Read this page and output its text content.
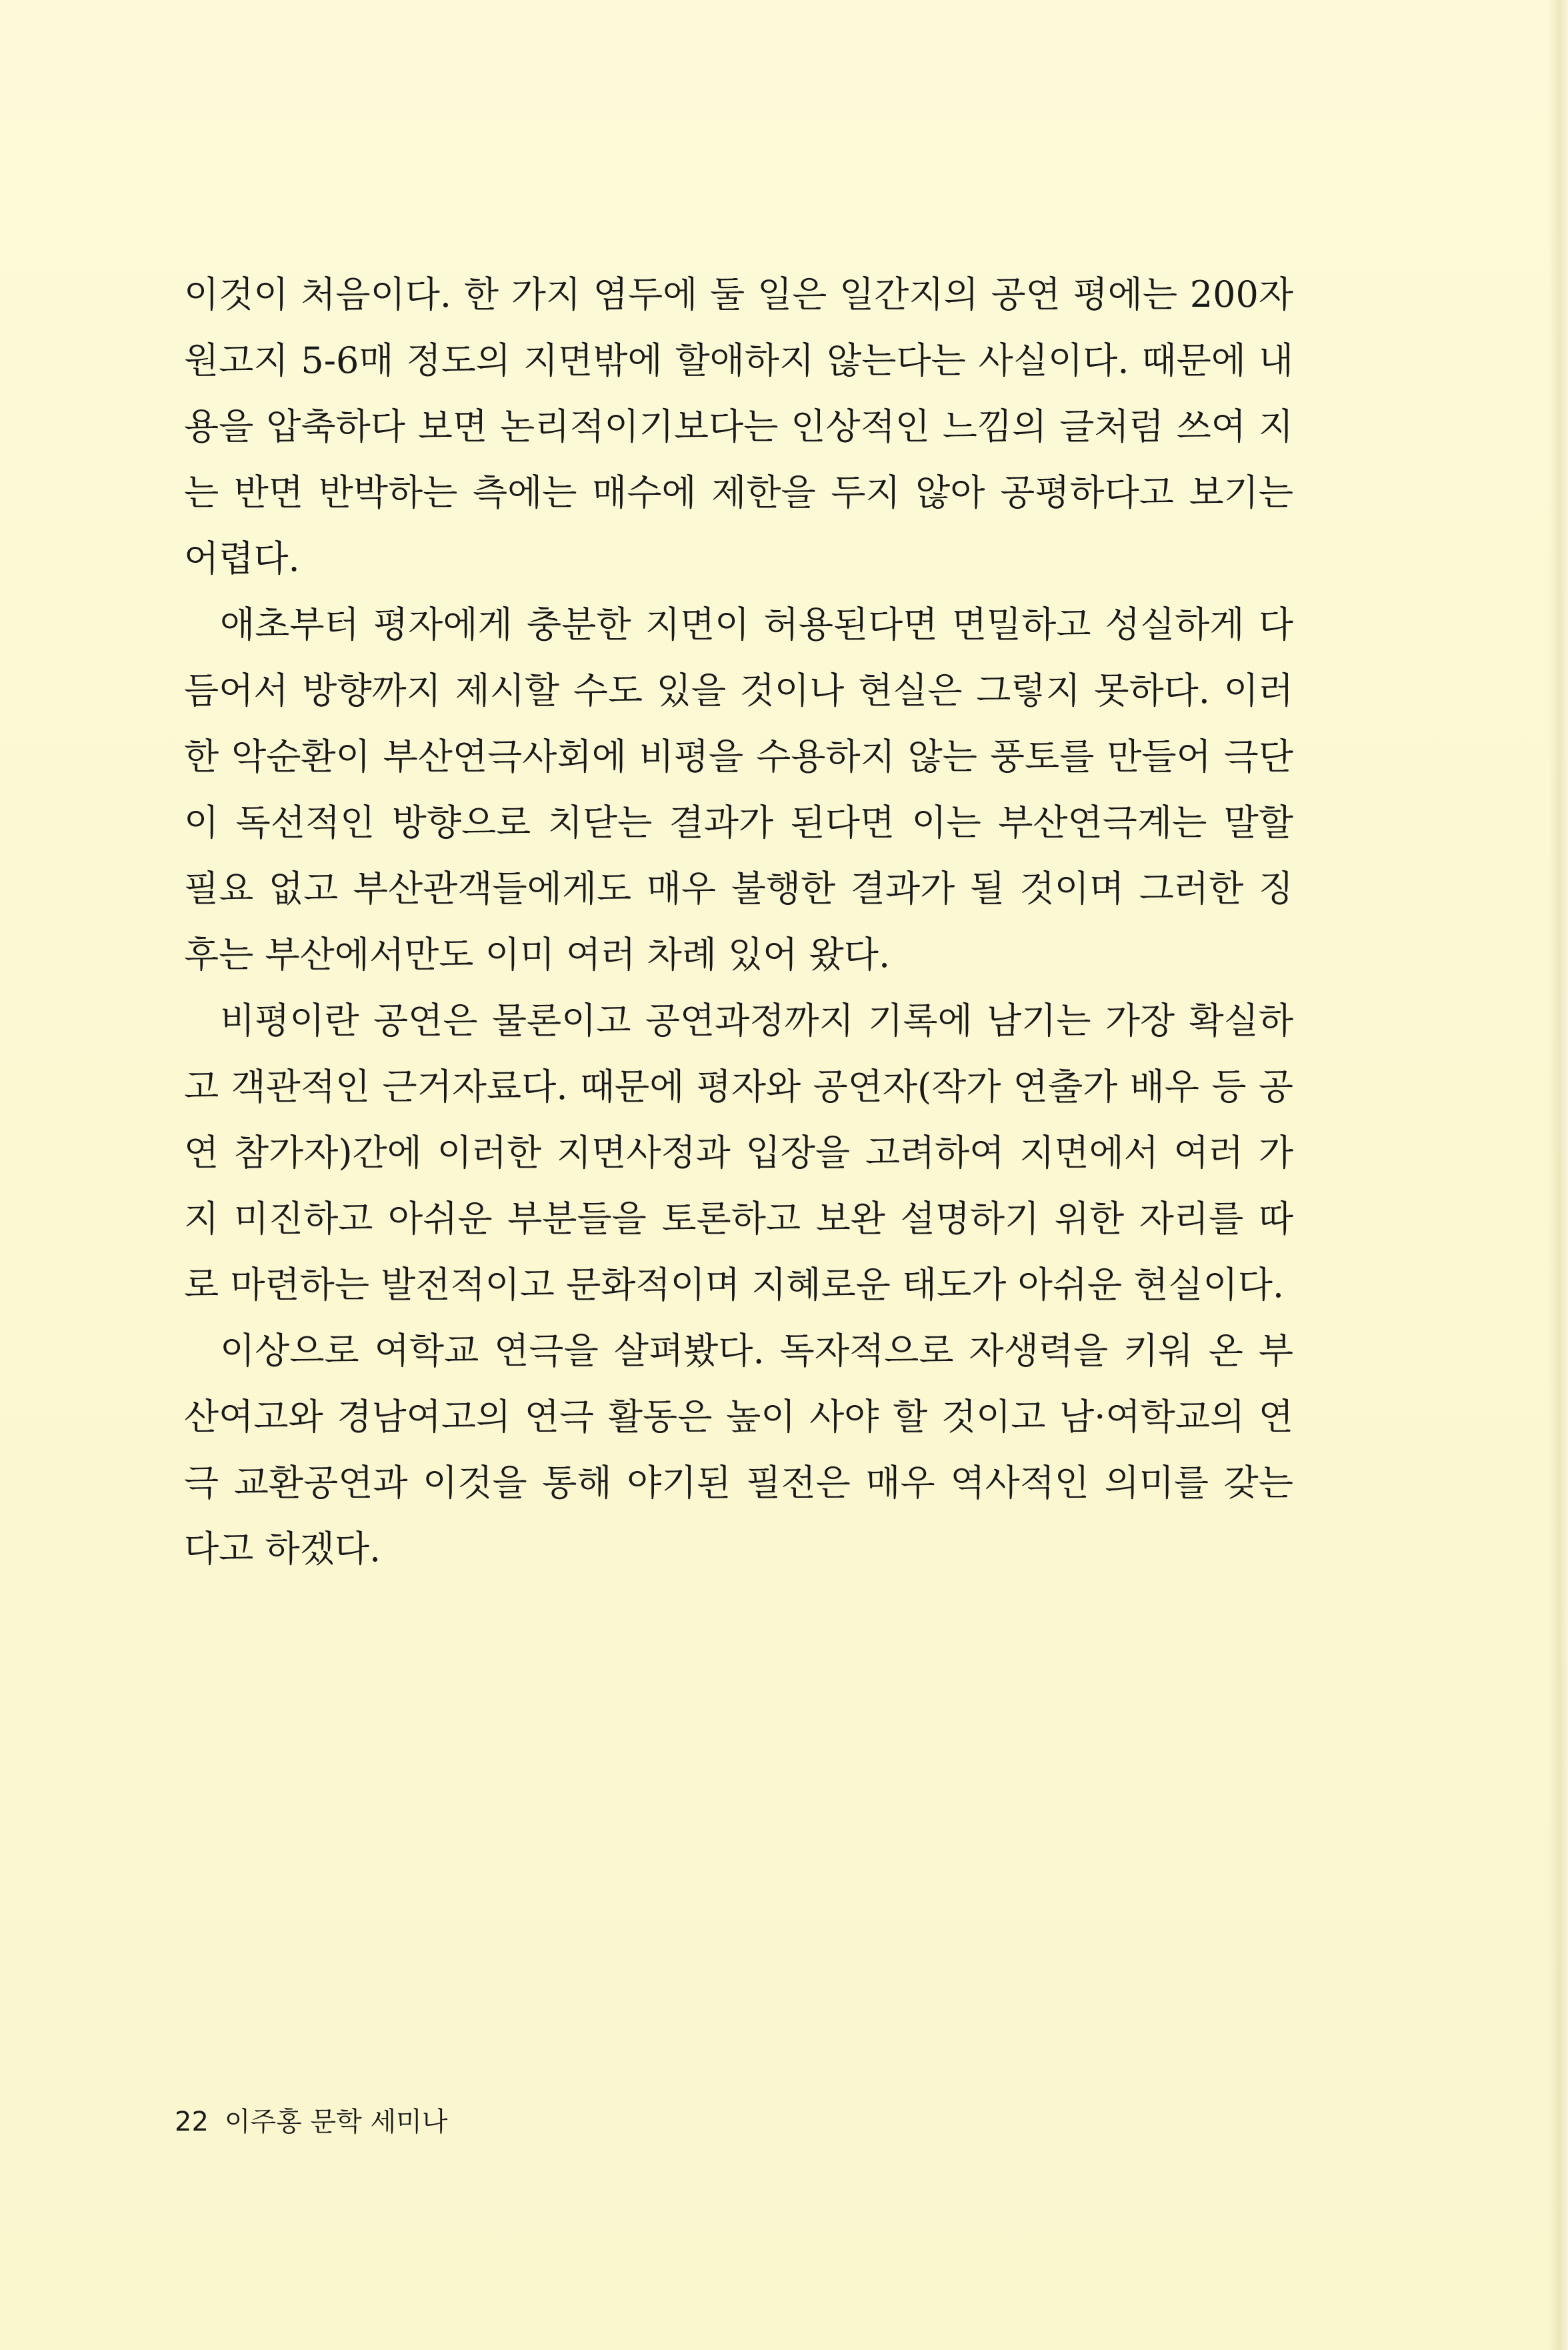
이것이 처음이다. 한 가지 염두에 둘 일은 일간지의 공연 평에는 200자 원고지 5-6매 정도의 지면밖에 할애하지 않는다는 사실이다. 때문에 내용을 압축하다 보면 논리적이기보다는 인상적인 느낌의 글처럼 쓰여 지는 반면 반박하는 측에는 매수에 제한을 두지 않아 공평하다고 보기는 어렵다.

애초부터 평자에게 충분한 지면이 허용된다면 면밀하고 성실하게 다듬어서 방향까지 제시할 수도 있을 것이나 현실은 그렇지 못하다. 이러한 악순환이 부산연극사회에 비평을 수용하지 않는 풍토를 만들어 극단이 독선적인 방향으로 치닫는 결과가 된다면 이는 부산연극계는 말할 필요 없고 부산관객들에게도 매우 불행한 결과가 될 것이며 그러한 징후는 부산에서만도 이미 여러 차례 있어 왔다.

비평이란 공연은 물론이고 공연과정까지 기록에 남기는 가장 확실하고 객관적인 근거자료다. 때문에 평자와 공연자(작가 연출가 배우 등 공연 참가자)간에 이러한 지면사정과 입장을 고려하여 지면에서 여러 가지 미진하고 아쉬운 부분들을 토론하고 보완 설명하기 위한 자리를 따로 마련하는 발전적이고 문화적이며 지혜로운 태도가 아쉬운 현실이다.

이상으로 여학교 연극을 살펴봤다. 독자적으로 자생력을 키워 온 부산여고와 경남여고의 연극 활동은 높이 사야 할 것이고 남·여학교의 연극 교환공연과 이것을 통해 야기된 필전은 매우 역사적인 의미를 갖는다고 하겠다.

22 이주홍 문학 세미나
